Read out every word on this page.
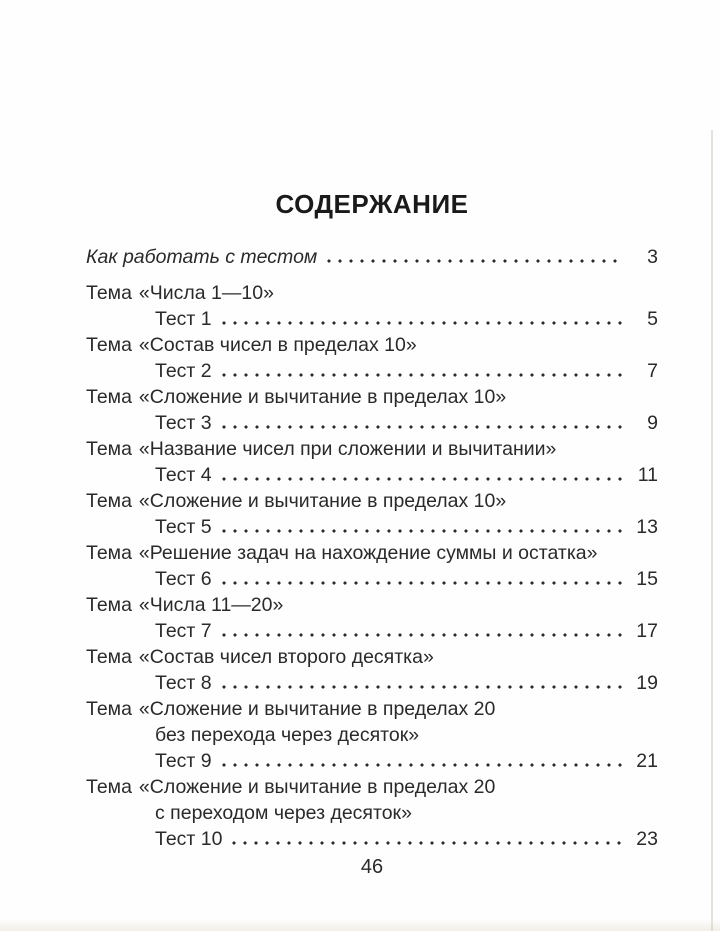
СОДЕРЖАНИЕ
Как работать с тестом	3
Тема «Числа 1—10»
Тест 1	5
Тема «Состав чисел в пределах 10»
Тест 2	7
Тема «Сложение и вычитание в пределах 10»
Тест 3	9
Тема «Название чисел при сложении и вычитании»
Тест 4	11
Тема «Сложение и вычитание в пределах 10»
Тест 5	13
Тема «Решение задач на нахождение суммы и остатка»
Тест 6	15
Тема «Числа 11—20»
Тест 7	17
Тема «Состав чисел второго десятка»
Тест 8	19
Тема «Сложение и вычитание в пределах 20
без перехода через десяток»
Тест 9	21
Тема «Сложение и вычитание в пределах 20
с переходом через десяток»
Тест 10	23
46
